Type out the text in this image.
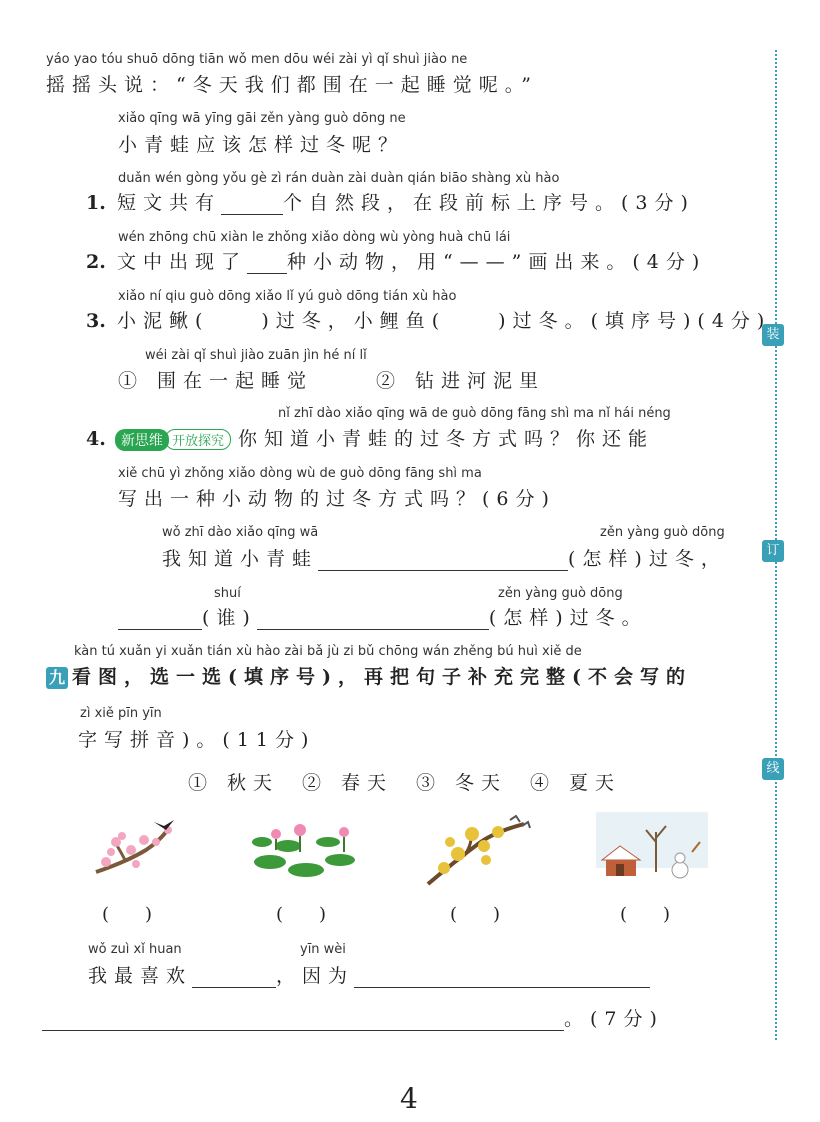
装
订
线
yáo yao tóu shuō dōng tiān wǒ men dōu wéi zài yì qǐ shuì jiào ne
摇摇头说：“冬天我们都围在一起睡觉呢。”
xiǎo qīng wā yīng gāi zěn yàng guò dōng ne
小青蛙应该怎样过冬呢？
duǎn wén gòng yǒu gè zì rán duàn zài duàn qián biāo shàng xù hào
1. 短文共有	个自然段，在段前标上序号。(3分)
wén zhōng chū xiàn le zhǒng xiǎo dòng wù yòng huà chū lái
2. 文中出现了 种小动物，用“——”画出来。(4分)
xiǎo ní qiu guò dōng xiǎo lǐ yú guò dōng tián xù hào
3. 小泥鳅(　　)过冬，小鲤鱼(　　)过冬。(填序号)(4分)
wéi zài qǐ shuì jiào zuān jìn hé ní lǐ
① 围在一起睡觉	② 钻进河泥里
nǐ zhī dào xiǎo qīng wā de guò dōng fāng shì ma nǐ hái néng
4. 新思维 开放探究 你知道小青蛙的过冬方式吗？你还能
xiě chū yì zhǒng xiǎo dòng wù de guò dōng fāng shì ma
写出一种小动物的过冬方式吗？(6分)
wǒ zhī dào xiǎo qīng wā	zěn yàng guò dōng
我知道小青蛙	(怎样)过冬，
shuí	zěn yàng guò dōng
(谁)	(怎样)过冬。
kàn tú xuǎn yi xuǎn tián xù hào zài bǎ jù zi bǔ chōng wán zhěng bú huì xiě de
九 看图，选一选(填序号)，再把句子补充完整(不会写的
zì xiě pīn yīn
字写拼音)。(11分)
① 秋天 ② 春天 ③ 冬天 ④ 夏天
(　　)	(　　)	(　　)	(　　)
wǒ zuì xǐ huan	yīn wèi
我最喜欢	，因为
。(7分)
4
